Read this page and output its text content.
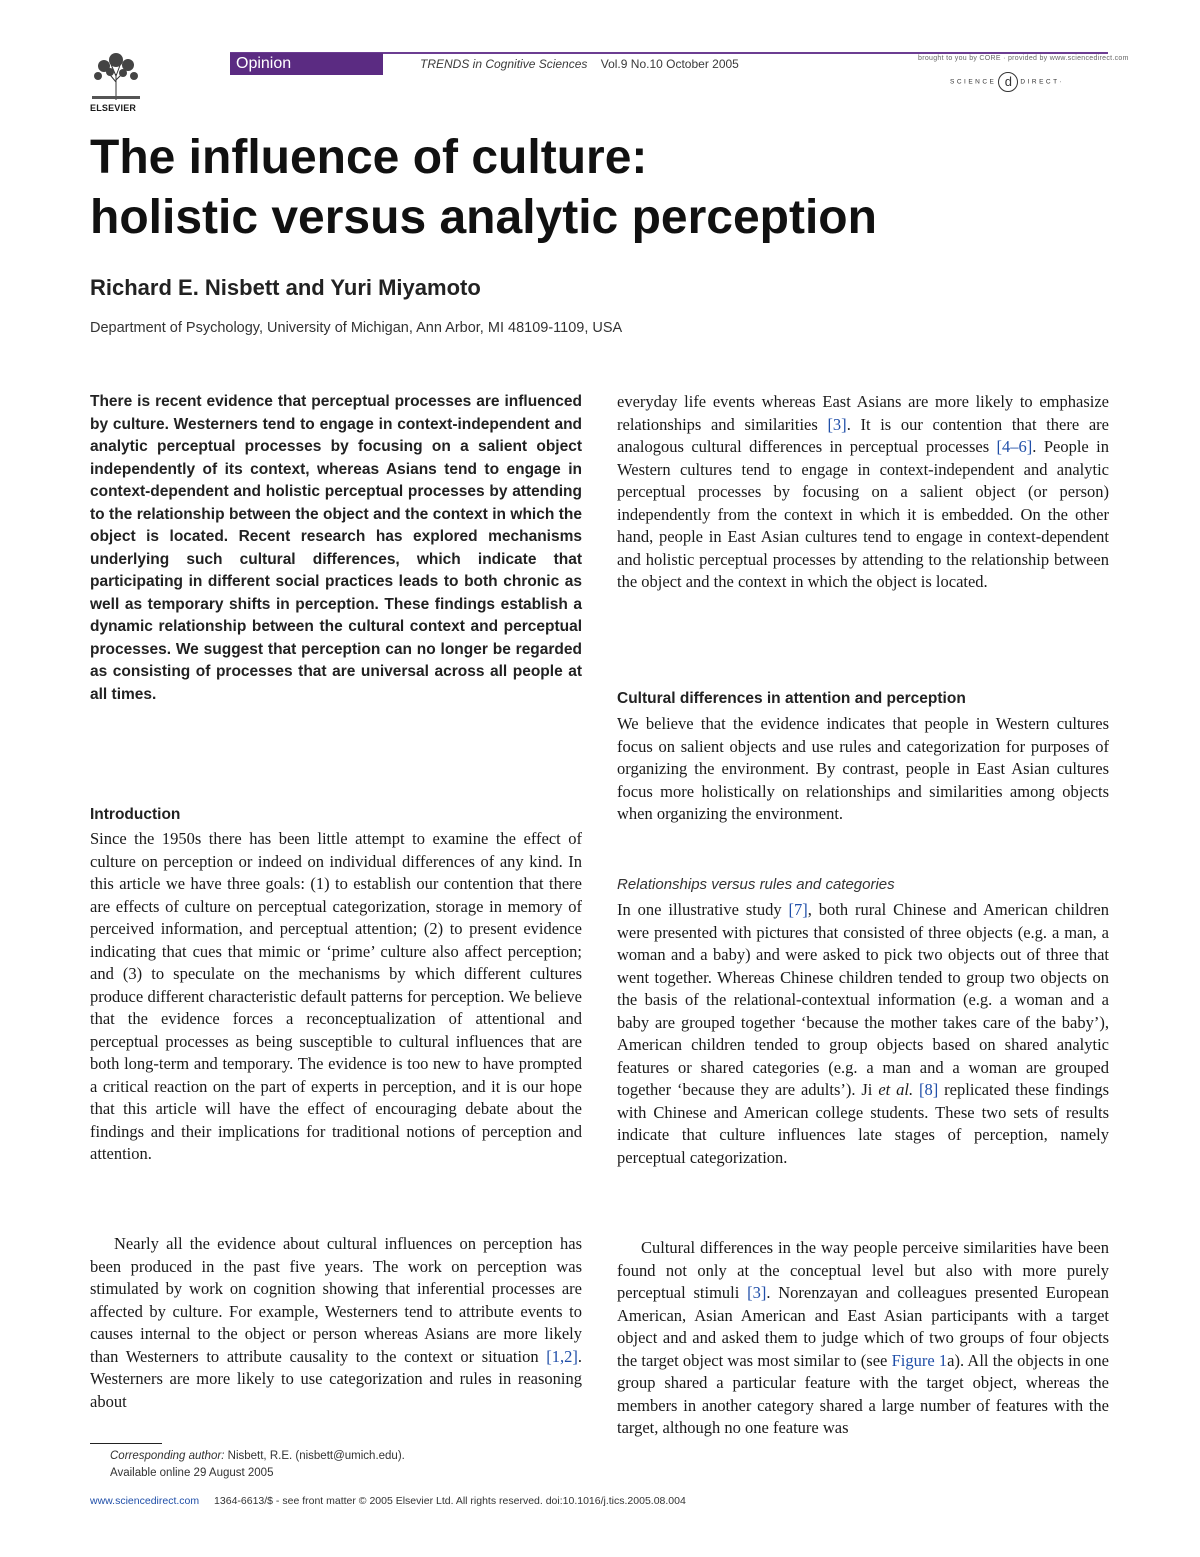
ELSEVIER
Opinion	TRENDS in Cognitive Sciences Vol.9 No.10 October 2005	brought to you by CORE · provided by www.sciencedirect.com
SCIENCE d DIRECT·
The influence of culture:
holistic versus analytic perception
Richard E. Nisbett and Yuri Miyamoto
Department of Psychology, University of Michigan, Ann Arbor, MI 48109-1109, USA
There is recent evidence that perceptual processes are influenced by culture. Westerners tend to engage in context-independent and analytic perceptual processes by focusing on a salient object independently of its context, whereas Asians tend to engage in context-dependent and holistic perceptual processes by attending to the relationship between the object and the context in which the object is located. Recent research has explored mechanisms underlying such cultural differences, which indicate that participating in different social practices leads to both chronic as well as temporary shifts in perception. These findings establish a dynamic relationship between the cultural context and perceptual processes. We suggest that perception can no longer be regarded as consisting of processes that are universal across all people at all times.
Introduction
Since the 1950s there has been little attempt to examine the effect of culture on perception or indeed on individual differences of any kind. In this article we have three goals: (1) to establish our contention that there are effects of culture on perceptual categorization, storage in memory of perceived information, and perceptual attention; (2) to present evidence indicating that cues that mimic or ‘prime’ culture also affect perception; and (3) to speculate on the mechanisms by which different cultures produce different characteristic default patterns for perception. We believe that the evidence forces a reconceptualization of attentional and perceptual processes as being susceptible to cultural influences that are both long-term and temporary. The evidence is too new to have prompted a critical reaction on the part of experts in perception, and it is our hope that this article will have the effect of encouraging debate about the findings and their implications for traditional notions of perception and attention.
Nearly all the evidence about cultural influences on perception has been produced in the past five years. The work on perception was stimulated by work on cognition showing that inferential processes are affected by culture. For example, Westerners tend to attribute events to causes internal to the object or person whereas Asians are more likely than Westerners to attribute causality to the context or situation [1,2]. Westerners are more likely to use categorization and rules in reasoning about
Corresponding author: Nisbett, R.E. (nisbett@umich.edu).
Available online 29 August 2005
www.sciencedirect.com 1364-6613/$ - see front matter © 2005 Elsevier Ltd. All rights reserved. doi:10.1016/j.tics.2005.08.004
everyday life events whereas East Asians are more likely to emphasize relationships and similarities [3]. It is our contention that there are analogous cultural differences in perceptual processes [4–6]. People in Western cultures tend to engage in context-independent and analytic perceptual processes by focusing on a salient object (or person) independently from the context in which it is embedded. On the other hand, people in East Asian cultures tend to engage in context-dependent and holistic perceptual processes by attending to the relationship between the object and the context in which the object is located.
Cultural differences in attention and perception
We believe that the evidence indicates that people in Western cultures focus on salient objects and use rules and categorization for purposes of organizing the environment. By contrast, people in East Asian cultures focus more holistically on relationships and similarities among objects when organizing the environment.
Relationships versus rules and categories
In one illustrative study [7], both rural Chinese and American children were presented with pictures that consisted of three objects (e.g. a man, a woman and a baby) and were asked to pick two objects out of three that went together. Whereas Chinese children tended to group two objects on the basis of the relational-contextual information (e.g. a woman and a baby are grouped together ‘because the mother takes care of the baby’), American children tended to group objects based on shared analytic features or shared categories (e.g. a man and a woman are grouped together ‘because they are adults’). Ji et al. [8] replicated these findings with Chinese and American college students. These two sets of results indicate that culture influences late stages of perception, namely perceptual categorization.
Cultural differences in the way people perceive similarities have been found not only at the conceptual level but also with more purely perceptual stimuli [3]. Norenzayan and colleagues presented European American, Asian American and East Asian participants with a target object and and asked them to judge which of two groups of four objects the target object was most similar to (see Figure 1a). All the objects in one group shared a particular feature with the target object, whereas the members in another category shared a large number of features with the target, although no one feature was
